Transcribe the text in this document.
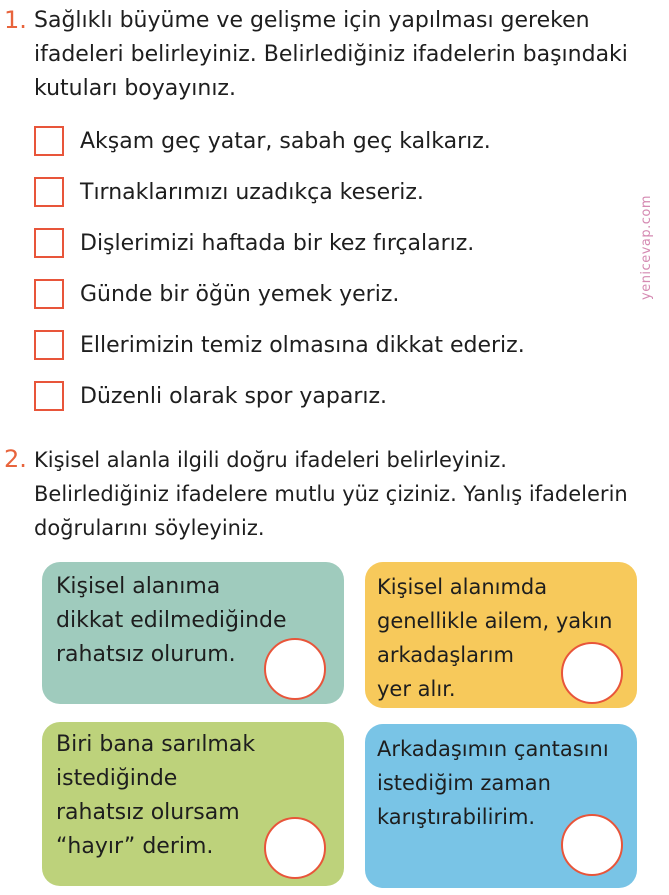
1. Sağlıklı büyüme ve gelişme için yapılması gereken
ifadeleri belirleyiniz. Belirlediğiniz ifadelerin başındaki
kutuları boyayınız.
Akşam geç yatar, sabah geç kalkarız.
Tırnaklarımızı uzadıkça keseriz.
Dişlerimizi haftada bir kez fırçalarız.
Günde bir öğün yemek yeriz.
Ellerimizin temiz olmasına dikkat ederiz.
Düzenli olarak spor yaparız.
yenicevap.com
2. Kişisel alanla ilgili doğru ifadeleri belirleyiniz.
Belirlediğiniz ifadelere mutlu yüz çiziniz. Yanlış ifadelerin
doğrularını söyleyiniz.
Kişisel alanıma
dikkat edilmediğinde
rahatsız olurum.
Kişisel alanımda
genellikle ailem, yakın
arkadaşlarım
yer alır.
Biri bana sarılmak
istediğinde
rahatsız olursam
“hayır” derim.
Arkadaşımın çantasını
istediğim zaman
karıştırabilirim.
